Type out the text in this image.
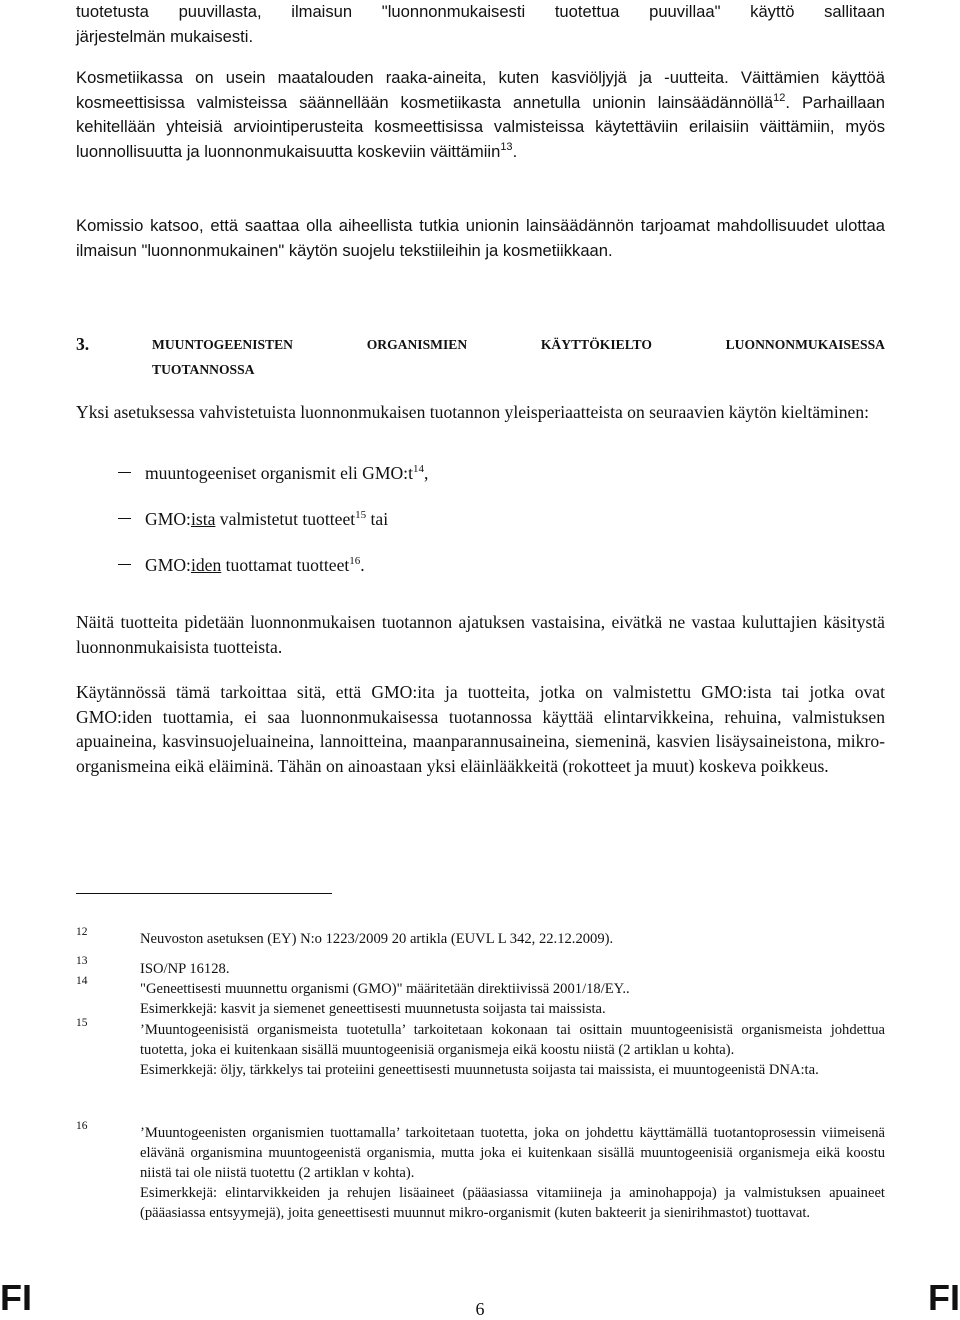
tuotetusta puuvillasta, ilmaisun "luonnonmukaisesti tuotettua puuvillaa" käyttö sallitaan
järjestelmän mukaisesti.

Kosmetiikassa on usein maatalouden raaka-aineita, kuten kasviöljyjä ja -uutteita. Väittämien käyttöä kosmeettisissa valmisteissa säännellään kosmetiikasta annetulla unionin lainsäädännöllä$^{12}$. Parhaillaan kehitellään yhteisiä arviointiperusteita kosmeettisissa valmisteissa käytettäviin erilaisiin väittämiin, myös luonnollisuutta ja luonnonmukaisuutta koskeviin väittämiin$^{13}$.

Komissio katsoo, että saattaa olla aiheellista tutkia unionin lainsäädännön tarjoamat mahdollisuudet ulottaa ilmaisun "luonnonmukainen" käytön suojelu tekstiileihin ja kosmetiikkaan.

3.	MUUNTOGEENISTEN ORGANISMIEN KÄYTTÖKIELTO LUONNONMUKAISESSA
TUOTANNOSSA

Yksi asetuksessa vahvistetuista luonnonmukaisen tuotannon yleisperiaatteista on seuraavien käytön kieltäminen:

muuntogeeniset organismit eli $GMO:t^{14}$,
GMO:ista valmistetut tuotteet$^{15}$ tai
GMO:iden tuottamat tuotteet$^{16}$.

Näitä tuotteita pidetään luonnonmukaisen tuotannon ajatuksen vastaisina, eivätkä ne vastaa kuluttajien käsitystä luonnonmukaisista tuotteista.

Käytännössä tämä tarkoittaa sitä, että GMO:ita ja tuotteita, jotka on valmistettu GMO:ista tai jotka ovat GMO:iden tuottamia, ei saa luonnonmukaisessa tuotannossa käyttää elintarvikkeina, rehuina, valmistuksen apuaineina, kasvinsuojeluaineina, lannoitteina, maanparannusaineina, siemeninä, kasvien lisäysaineistona, mikro-organismeina eikä eläiminä. Tähän on ainoastaan yksi eläinlääkkeitä (rokotteet ja muut) koskeva poikkeus.

12	Neuvoston asetuksen (EY) N:o 1223/2009 20 artikla (EUVL L 342, 22.12.2009).

13	ISO/NP 16128.

14	"Geneettisesti muunnettu organismi (GMO)" määritetään direktiivissä 2001/18/EY..
Esimerkkejä: kasvit ja siemenet geneettisesti muunnetusta soijasta tai maissista.

15	’Muuntogeenisistä organismeista tuotetulla’ tarkoitetaan kokonaan tai osittain muuntogeenisistä organismeista johdettua tuotetta, joka ei kuitenkaan sisällä muuntogeenisiä organismeja eikä koostu niistä (2 artiklan u kohta).
Esimerkkejä: öljy, tärkkelys tai proteiini geneettisesti muunnetusta soijasta tai maissista, ei muuntogeenistä DNA:ta.

16	’Muuntogeenisten organismien tuottamalla’ tarkoitetaan tuotetta, joka on johdettu käyttämällä tuotantoprosessin viimeisenä elävänä organismina muuntogeenistä organismia, mutta joka ei kuitenkaan sisällä muuntogeenisiä organismeja eikä koostu niistä tai ole niistä tuotettu (2 artiklan v kohta).
Esimerkkejä: elintarvikkeiden ja rehujen lisäaineet (pääasiassa vitamiineja ja aminohappoja) ja valmistuksen apuaineet (pääasiassa entsyymejä), joita geneettisesti muunnut mikro-organismit (kuten bakteerit ja sienirihmastot) tuottavat.

FI	6	FI
